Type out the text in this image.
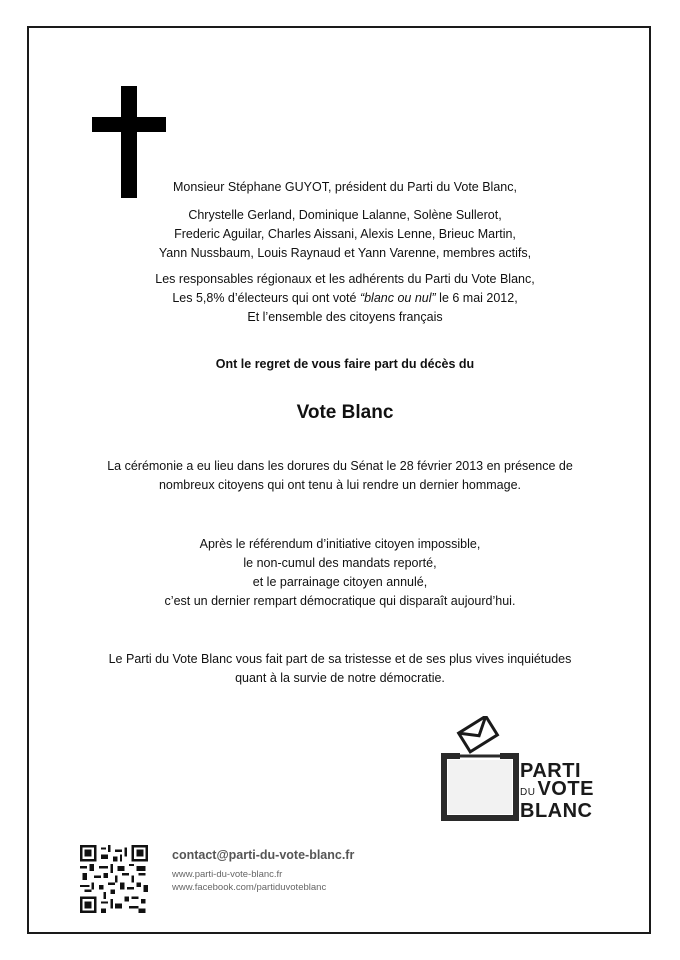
Monsieur Stéphane GUYOT, président du Parti du Vote Blanc,
Chrystelle Gerland, Dominique Lalanne, Solène Sullerot,
Frederic Aguilar, Charles Aissani, Alexis Lenne, Brieuc Martin,
Yann Nussbaum, Louis Raynaud et Yann Varenne, membres actifs,
Les responsables régionaux et les adhérents du Parti du Vote Blanc,
Les 5,8% d’électeurs qui ont voté “blanc ou nul” le 6 mai 2012,
Et l’ensemble des citoyens français
Ont le regret de vous faire part du décès du
Vote Blanc
La cérémonie a eu lieu dans les dorures du Sénat le 28 février 2013 en présence de
nombreux citoyens qui ont tenu à lui rendre un dernier hommage.
Après le référendum d’initiative citoyen impossible,
le non-cumul des mandats reporté,
et le parrainage citoyen annulé,
c’est un dernier rempart démocratique qui disparaît aujourd’hui.
Le Parti du Vote Blanc vous fait part de sa tristesse et de ses plus vives inquiétudes
quant à la survie de notre démocratie.
PARTI
DU VOTE
BLANC
contact@parti-du-vote-blanc.fr
www.parti-du-vote-blanc.fr
www.facebook.com/partiduvoteblanc
